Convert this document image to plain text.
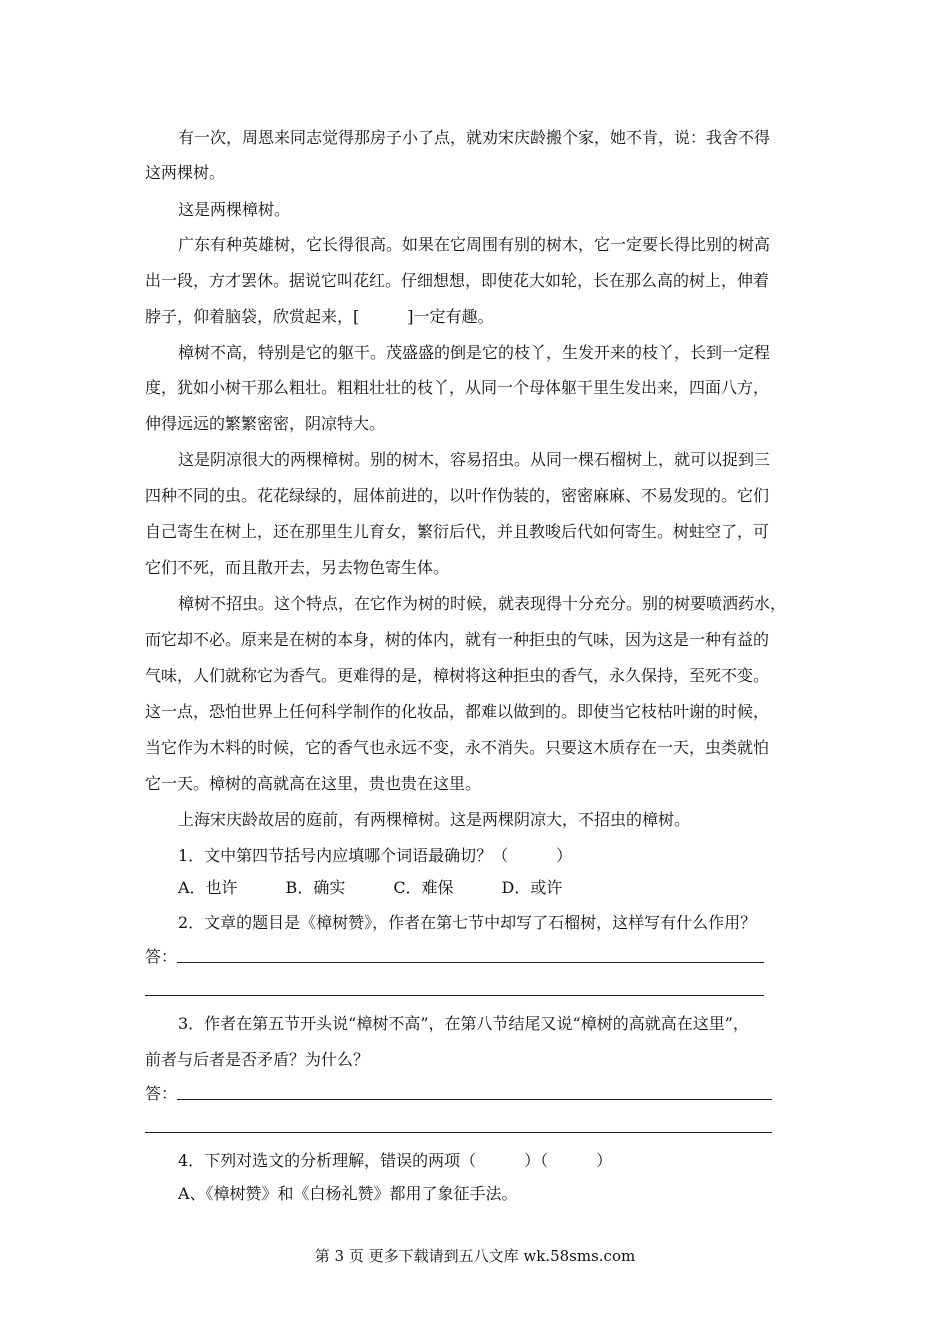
有一次，周恩来同志觉得那房子小了点，就劝宋庆龄搬个家，她不肯，说：我舍不得
这两棵树。
这是两棵樟树。
广东有种英雄树，它长得很高。如果在它周围有别的树木，它一定要长得比别的树高
出一段，方才罢休。据说它叫花红。仔细想想，即使花大如轮，长在那么高的树上，伸着
脖子，仰着脑袋，欣赏起来，[　　　]一定有趣。
樟树不高，特别是它的躯干。茂盛盛的倒是它的枝丫，生发开来的枝丫，长到一定程
度，犹如小树干那么粗壮。粗粗壮壮的枝丫，从同一个母体躯干里生发出来，四面八方，
伸得远远的繁繁密密，阴凉特大。
这是阴凉很大的两棵樟树。别的树木，容易招虫。从同一棵石榴树上，就可以捉到三
四种不同的虫。花花绿绿的，屈体前进的，以叶作伪装的，密密麻麻、不易发现的。它们
自己寄生在树上，还在那里生儿育女，繁衍后代，并且教唆后代如何寄生。树蛀空了，可
它们不死，而且散开去，另去物色寄生体。
樟树不招虫。这个特点，在它作为树的时候，就表现得十分充分。别的树要喷洒药水，
而它却不必。原来是在树的本身，树的体内，就有一种拒虫的气味，因为这是一种有益的
气味，人们就称它为香气。更难得的是，樟树将这种拒虫的香气，永久保持，至死不变。
这一点，恐怕世界上任何科学制作的化妆品，都难以做到的。即使当它枝枯叶谢的时候，
当它作为木料的时候，它的香气也永远不变，永不消失。只要这木质存在一天，虫类就怕
它一天。樟树的高就高在这里，贵也贵在这里。
上海宋庆龄故居的庭前，有两棵樟树。这是两棵阴凉大，不招虫的樟树。
1．文中第四节括号内应填哪个词语最确切？（　　　）
A．也许　　　B．确实　　　C．难保　　　D．或许
2．文章的题目是《樟树赞》，作者在第七节中却写了石榴树，这样写有什么作用？
答：
3．作者在第五节开头说“樟树不高”，在第八节结尾又说“樟树的高就高在这里”，
前者与后者是否矛盾？为什么？
答：
4．下列对选文的分析理解，错误的两项（　　　）（　　　）
A、《樟树赞》和《白杨礼赞》都用了象征手法。
第 3 页 更多下载请到五八文库 wk.58sms.com
